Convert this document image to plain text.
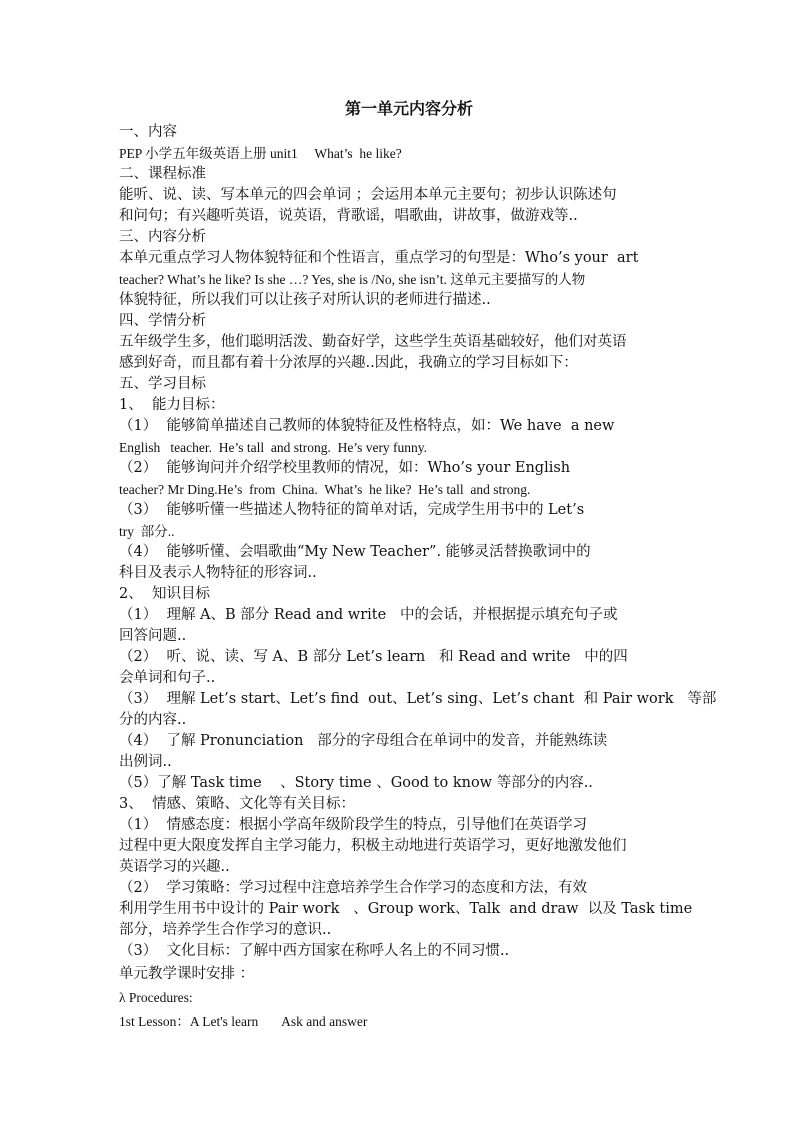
第一单元内容分析
一、内容
PEP 小学五年级英语上册 unit1     What’s  he like?
二、课程标准
能听、说、读、写本单元的四会单词 ；会运用本单元主要句；初步认识陈述句
和问句；有兴趣听英语，说英语，背歌谣，唱歌曲，讲故事，做游戏等..
三、内容分析
本单元重点学习人物体貌特征和个性语言，重点学习的句型是：Who’s your  art
teacher? What’s he like? Is she …? Yes, she is /No, she isn’t. 这单元主要描写的人物
体貌特征，所以我们可以让孩子对所认识的老师进行描述..
四、学情分析
五年级学生多，他们聪明活泼、勤奋好学，这些学生英语基础较好，他们对英语
感到好奇，而且都有着十分浓厚的兴趣..因此，我确立的学习目标如下：
五、学习目标
1、  能力目标：
（1）  能够简单描述自己教师的体貌特征及性格特点，如：We have  a new
English   teacher.  He’s tall  and strong.  He’s very funny.
（2）  能够询问并介绍学校里教师的情况，如：Who’s your English
teacher? Mr Ding.He’s  from  China.  What’s  he like?  He’s tall  and strong.
（3）  能够听懂一些描述人物特征的简单对话，完成学生用书中的 Let’s
try  部分..
（4）  能够听懂、会唱歌曲“My New Teacher”. 能够灵活替换歌词中的
科目及表示人物特征的形容词..
2、  知识目标
（1）  理解 A、B 部分 Read and write   中的会话，并根据提示填充句子或
回答问题..
（2）  听、说、读、写 A、B 部分 Let’s learn   和 Read and write   中的四
会单词和句子..
（3）  理解 Let’s start、Let’s find  out、Let’s sing、Let’s chant  和 Pair work   等部
分的内容..
（4）  了解 Pronunciation   部分的字母组合在单词中的发音，并能熟练读
出例词..
（5）了解 Task time    、Story time 、Good to know 等部分的内容..
3、  情感、策略、文化等有关目标：
（1）  情感态度：根据小学高年级阶段学生的特点，引导他们在英语学习
过程中更大限度发挥自主学习能力，积极主动地进行英语学习，更好地激发他们
英语学习的兴趣..
（2）  学习策略：学习过程中注意培养学生合作学习的态度和方法，有效
利用学生用书中设计的 Pair work   、Group work、Talk  and draw  以及 Task time
部分，培养学生合作学习的意识..
（3）  文化目标：了解中西方国家在称呼人名上的不同习惯..
单元教学课时安排 ：
λ Procedures:
1st Lesson：A Let's learn       Ask and answer
